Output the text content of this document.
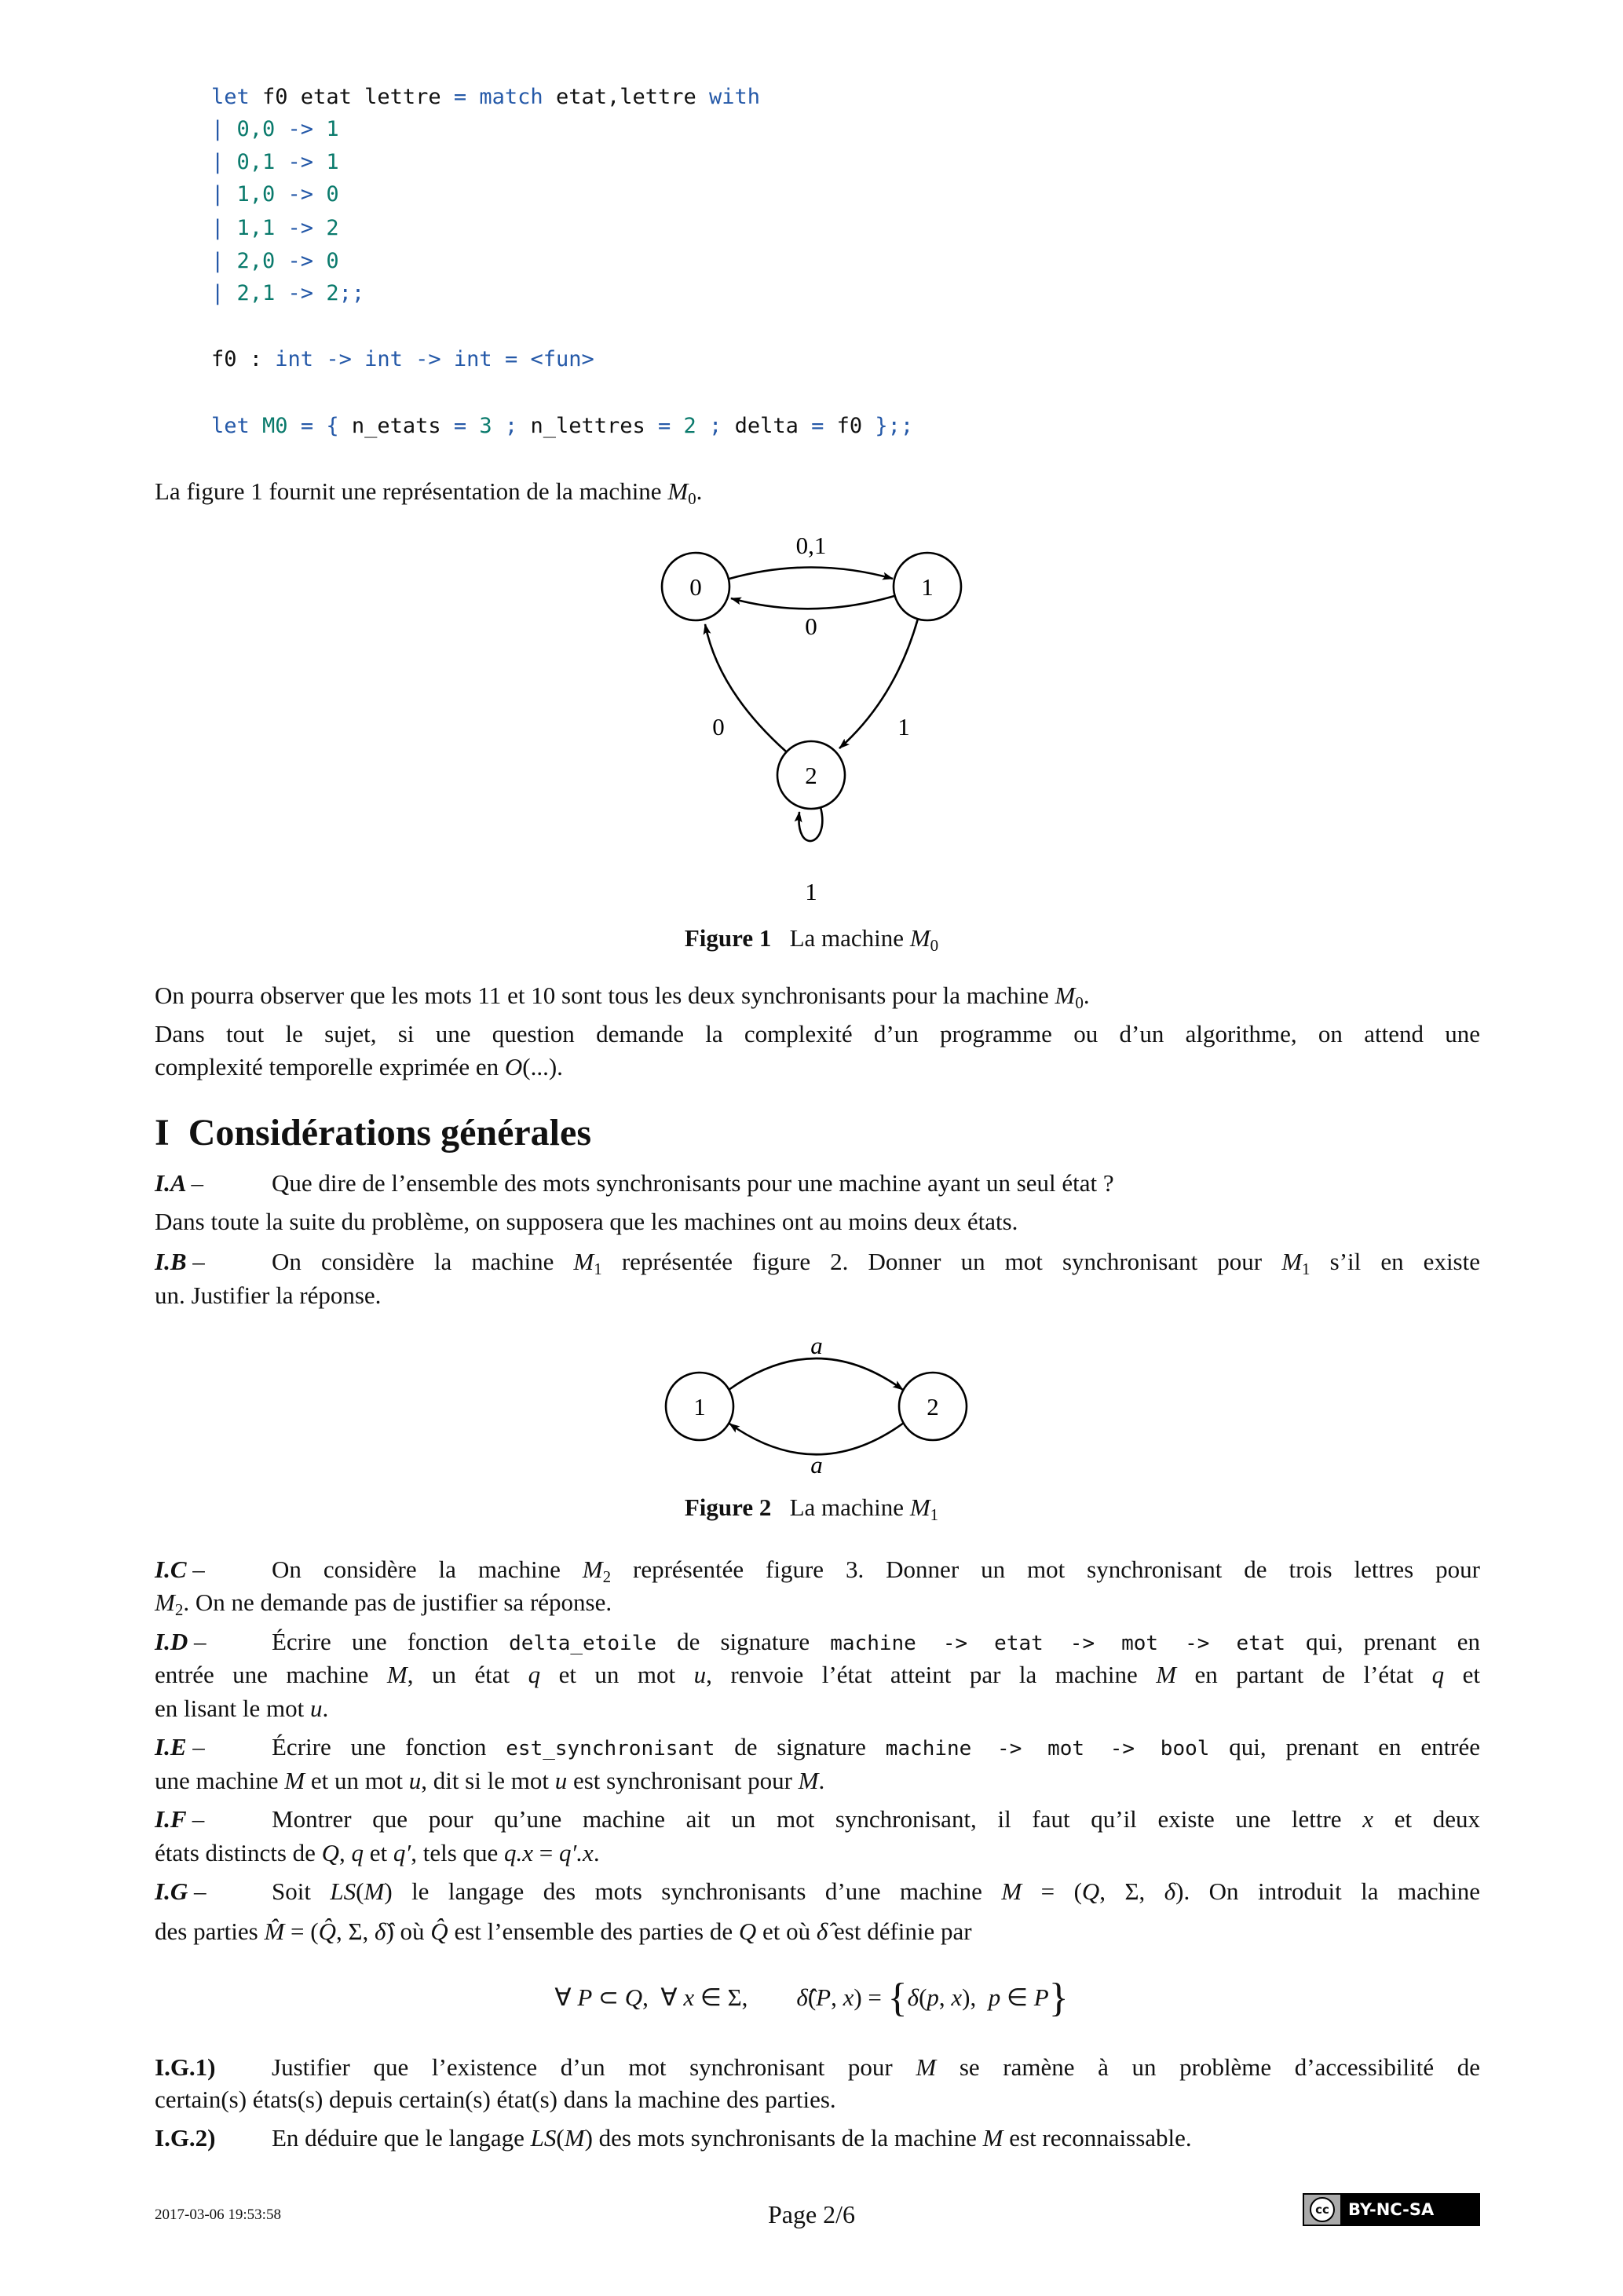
let f0 etat lettre = match etat,lettre with
| 0,0 -> 1
| 0,1 -> 1
| 1,0 -> 0
| 1,1 -> 2
| 2,0 -> 0
| 2,1 -> 2;;
f0 : int -> int -> int = <fun>
let M0 = { n_etats = 3 ; n_lettres = 2 ; delta = f0 };;
La figure 1 fournit une représentation de la machine M0.
On pourra observer que les mots 11 et 10 sont tous les deux synchronisants pour la machine M0.
Dans tout le sujet, si une question demande la complexité d’un programme ou d’un algorithme, on attend une
complexité temporelle exprimée en O(...).
Que dire de l’ensemble des mots synchronisants pour une machine ayant un seul état ?
Dans toute la suite du problème, on supposera que les machines ont au moins deux états.
On considère la machine M1 représentée figure 2. Donner un mot synchronisant pour M1 s’il en existe
un. Justifier la réponse.
On considère la machine M2 représentée figure 3. Donner un mot synchronisant de trois lettres pour
M2. On ne demande pas de justifier sa réponse.
Écrire une fonction delta_etoile de signature machine -> etat -> mot -> etat qui, prenant en
entrée une machine M, un état q et un mot u, renvoie l’état atteint par la machine M en partant de l’état q et
en lisant le mot u.
Écrire une fonction est_synchronisant de signature machine -> mot -> bool qui, prenant en entrée
une machine M et un mot u, dit si le mot u est synchronisant pour M.
Montrer que pour qu’une machine ait un mot synchronisant, il faut qu’il existe une lettre x et deux
états distincts de Q, q et q′, tels que q.x = q′.x.
Soit LS(M) le langage des mots synchronisants d’une machine M = (Q, Σ, δ). On introduit la machine
des parties M̂ = (Q̂, Σ, δ̂) où Q̂ est l’ensemble des parties de Q et où δ̂ est définie par
Justifier que l’existence d’un mot synchronisant pour M se ramène à un problème d’accessibilité de
certain(s) états(s) depuis certain(s) état(s) dans la machine des parties.
En déduire que le langage LS(M) des mots synchronisants de la machine M est reconnaissable.
I Considérations générales
I.A –
I.B –
I.C –
I.D –
I.E –
I.F –
I.G –
I.G.1)
I.G.2)
∀ P ⊂ Q,  ∀ x ∈ Σ,        δ̂(P, x) = {δ(p, x),  p ∈ P}
0	1
2
0,1
0
0	1
1
1	2
a
a
Figure 1 La machine M0
Figure 2 La machine M1
2017-03-06 19:53:58	Page 2/6	cc	BY-NC-SA
